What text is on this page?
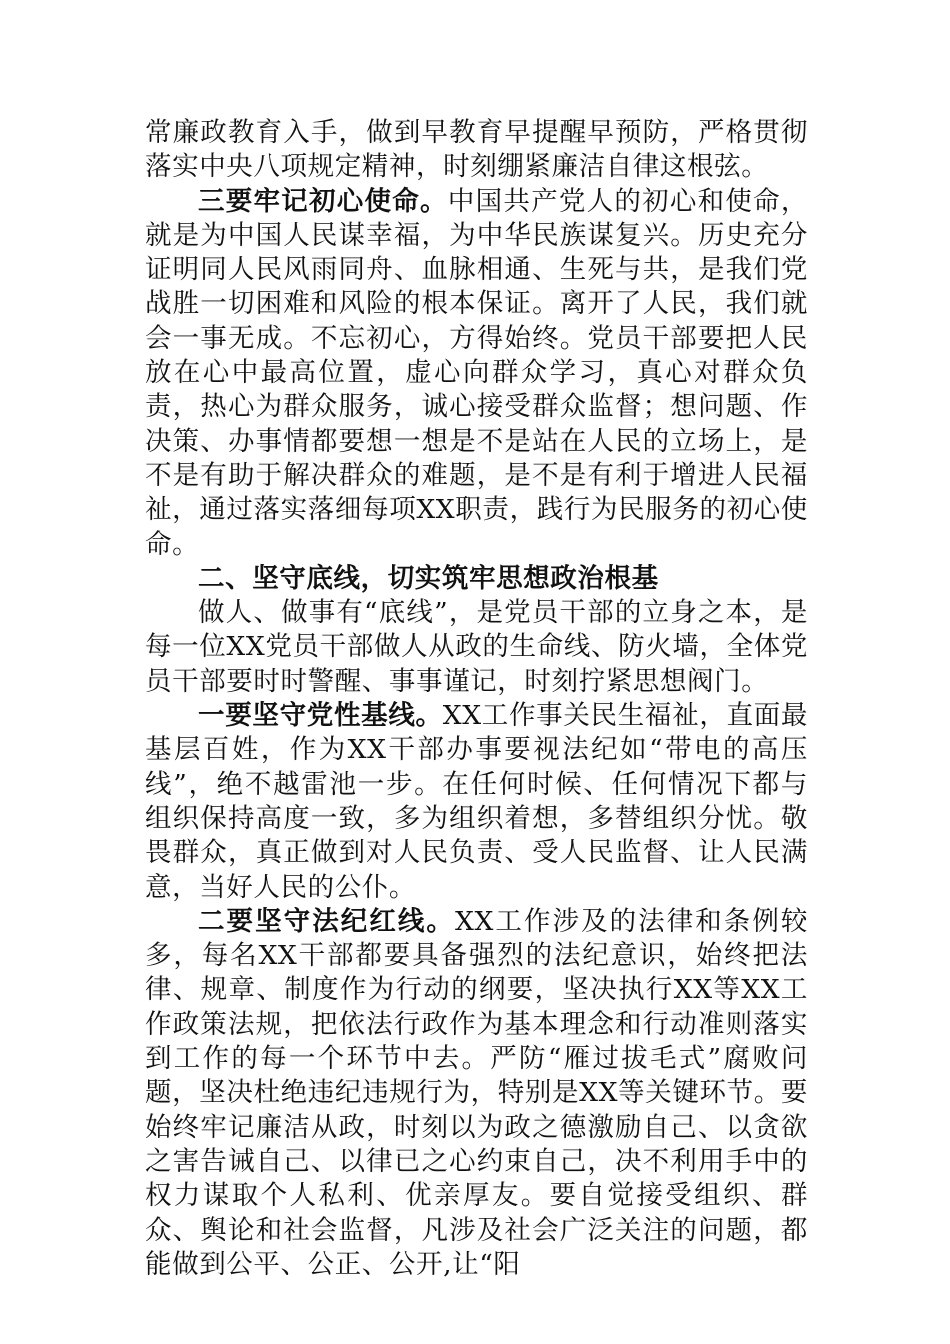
常廉政教育入手，做到早教育早提醒早预防，严格贯彻落实中央八项规定精神，时刻绷紧廉洁自律这根弦。

三要牢记初心使命。中国共产党人的初心和使命，就是为中国人民谋幸福，为中华民族谋复兴。历史充分证明同人民风雨同舟、血脉相通、生死与共，是我们党战胜一切困难和风险的根本保证。离开了人民，我们就会一事无成。不忘初心，方得始终。党员干部要把人民放在心中最高位置，虚心向群众学习，真心对群众负责，热心为群众服务，诚心接受群众监督；想问题、作决策、办事情都要想一想是不是站在人民的立场上，是不是有助于解决群众的难题，是不是有利于增进人民福祉，通过落实落细每项XX职责，践行为民服务的初心使命。

二、坚守底线，切实筑牢思想政治根基

做人、做事有“底线”，是党员干部的立身之本，是每一位XX党员干部做人从政的生命线、防火墙，全体党员干部要时时警醒、事事谨记，时刻拧紧思想阀门。

一要坚守党性基线。XX工作事关民生福祉，直面最基层百姓，作为XX干部办事要视法纪如“带电的高压线”，绝不越雷池一步。在任何时候、任何情况下都与组织保持高度一致，多为组织着想，多替组织分忧。敬畏群众，真正做到对人民负责、受人民监督、让人民满意，当好人民的公仆。

二要坚守法纪红线。XX工作涉及的法律和条例较多，每名XX干部都要具备强烈的法纪意识，始终把法律、规章、制度作为行动的纲要，坚决执行XX等XX工作政策法规，把依法行政作为基本理念和行动准则落实到工作的每一个环节中去。严防“雁过拔毛式”腐败问题，坚决杜绝违纪违规行为，特别是XX等关键环节。要始终牢记廉洁从政，时刻以为政之德激励自己、以贪欲之害告诫自己、以律已之心约束自己，决不利用手中的权力谋取个人私利、优亲厚友。要自觉接受组织、群众、舆论和社会监督，凡涉及社会广泛关注的问题，都能做到公平、公正、公开,让“阳
